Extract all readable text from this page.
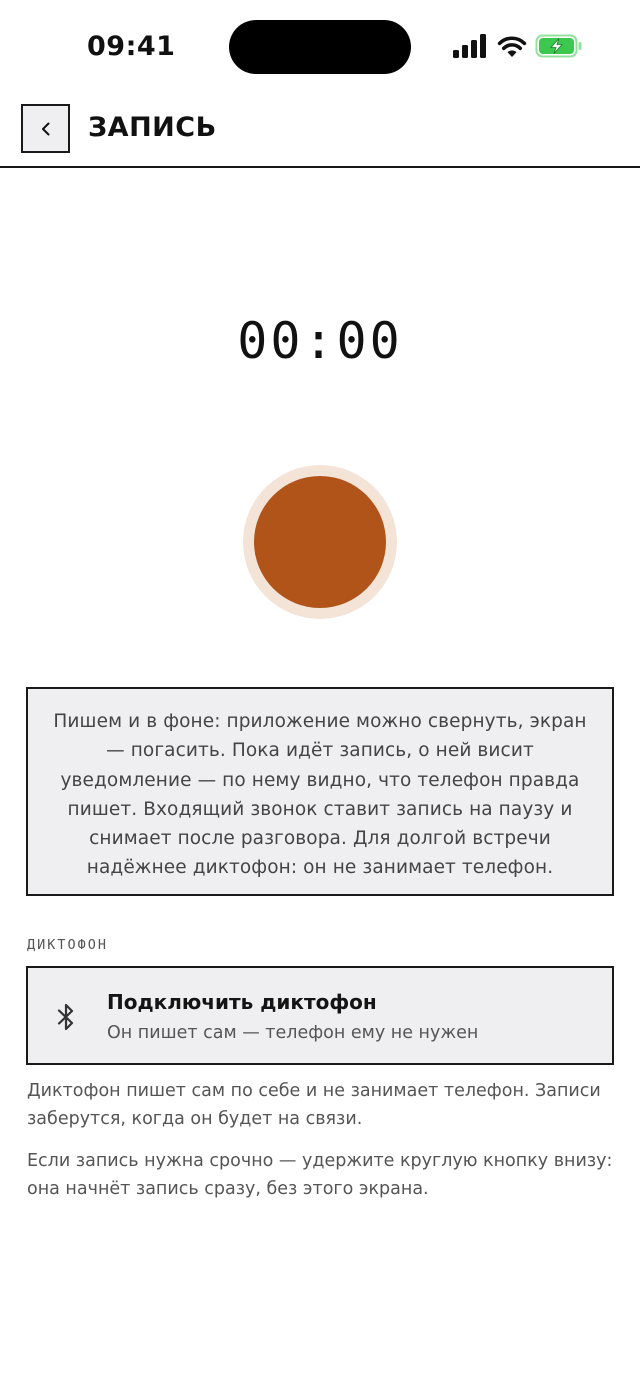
09:41
ЗАПИСЬ
00:00

Пишем и в фоне: приложение можно свернуть, экран — погасить. Пока идёт запись, о ней висит уведомление — по нему видно, что телефон правда пишет. Входящий звонок ставит запись на паузу и снимает после разговора. Для долгой встречи надёжнее диктофон: он не занимает телефон.

ДИКТОФОН
Подключить диктофон
Он пишет сам — телефон ему не нужен

Диктофон пишет сам по себе и не занимает телефон. Записи заберутся, когда он будет на связи.

Если запись нужна срочно — удержите круглую кнопку внизу: она начнёт запись сразу, без этого экрана.
